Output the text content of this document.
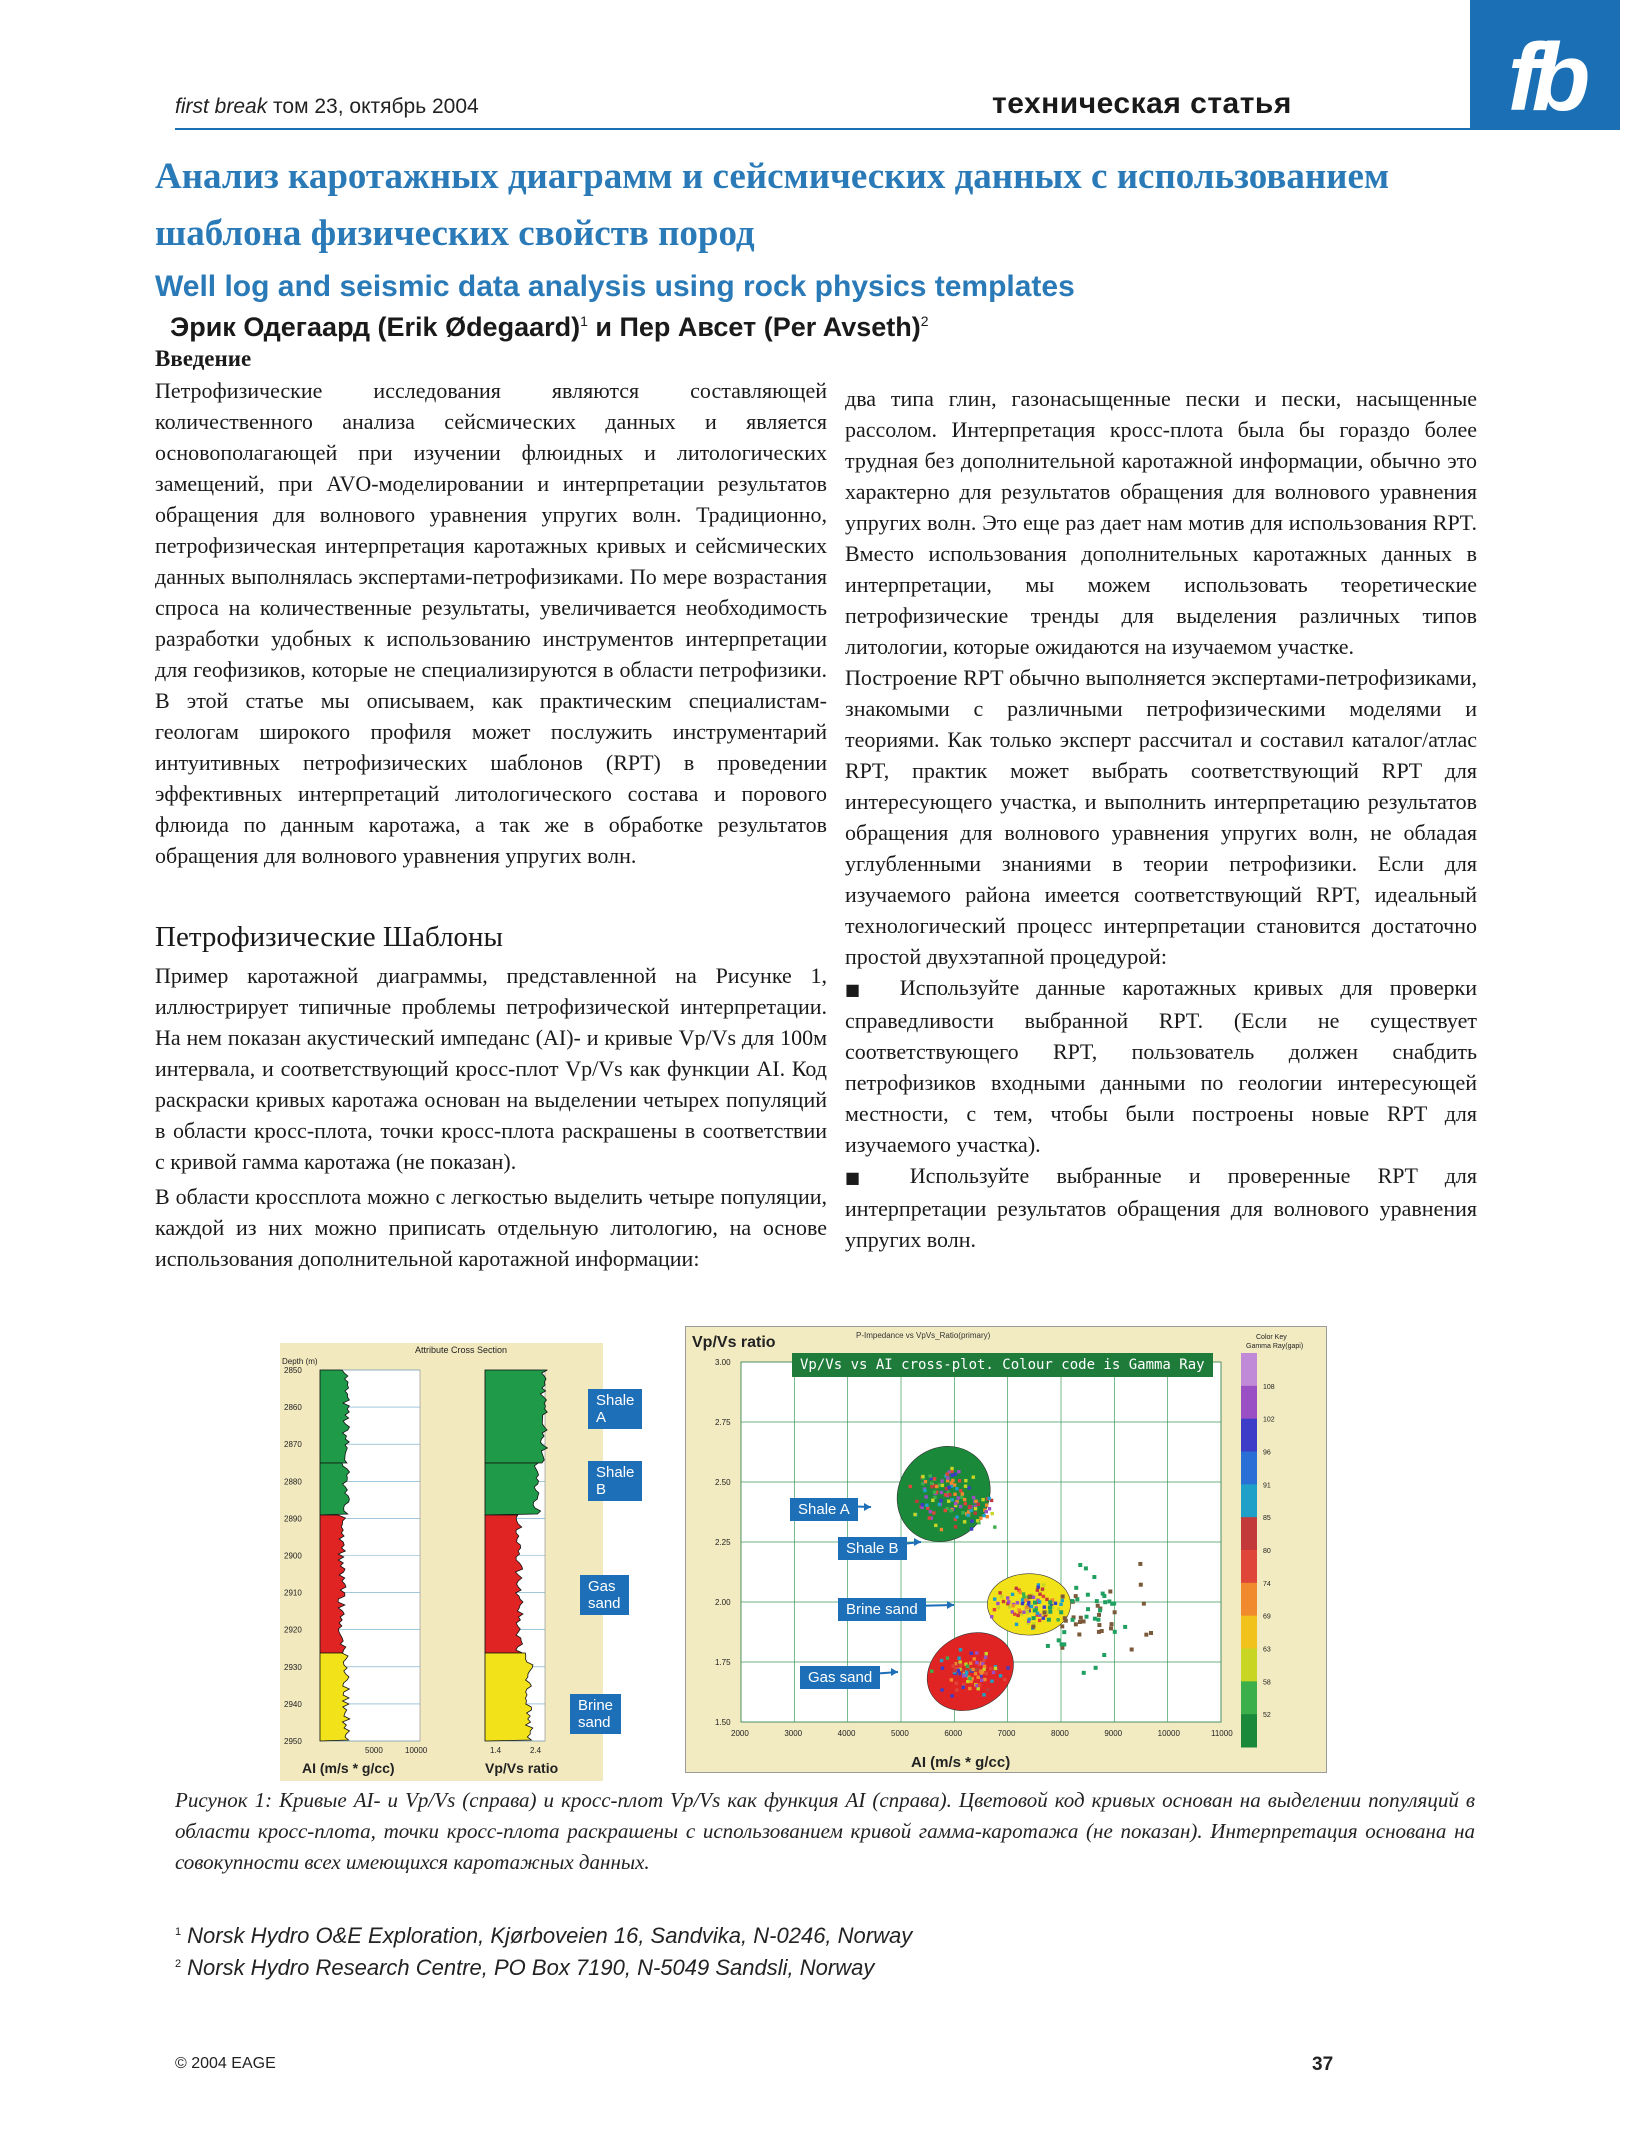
first break том 23, октябрь 2004	техническая статья fb
Анализ каротажных диаграмм и сейсмических данных с использованием шаблона физических свойств пород
Well log and seismic data analysis using rock physics templates
Эрик Одегаард (Erik Ødegaard)$^1$ и Пер Авсет (Per Avseth)$^2$
Введение

Петрофизические исследования являются составляющей количественного анализа сейсмических данных и является основополагающей при изучении флюидных и литологических замещений, при AVO-моделировании и интерпретации результатов обращения для волнового уравнения упругих волн. Традиционно, петрофизическая интерпретация каротажных кривых и сейсмических данных выполнялась экспертами-петрофизиками. По мере возрастания спроса на количественные результаты, увеличивается необходимость разработки удобных к использованию инструментов интерпретации для геофизиков, которые не специализируются в области петрофизики. В этой статье мы описываем, как практическим специалистам-геологам широкого профиля может послужить инструментарий интуитивных петрофизических шаблонов (RPT) в проведении эффективных интерпретаций литологического состава и порового флюида по данным каротажа, а так же в обработке результатов обращения для волнового уравнения упругих волн.

Петрофизические Шаблоны

Пример каротажной диаграммы, представленной на Рисунке 1, иллюстрирует типичные проблемы петрофизической интерпретации. На нем показан акустический импеданс (AI)- и кривые Vp/Vs для 100м интервала, и соответствующий кросс-плот Vp/Vs как функции AI. Код раскраски кривых каротажа основан на выделении четырех популяций в области кросс-плота, точки кросс-плота раскрашены в соответствии с кривой гамма каротажа (не показан).

В области кроссплота можно с легкостью выделить четыре популяции, каждой из них можно приписать отдельную литологию, на основе использования дополнительной каротажной информации:

два типа глин, газонасыщенные пески и пески, насыщенные рассолом. Интерпретация кросс-плота была бы гораздо более трудная без дополнительной каротажной информации, обычно это характерно для результатов обращения для волнового уравнения упругих волн. Это еще раз дает нам мотив для использования RPT. Вместо использования дополнительных каротажных данных в интерпретации, мы можем использовать теоретические петрофизические тренды для выделения различных типов литологии, которые ожидаются на изучаемом участке.

Построение RPT обычно выполняется экспертами-петрофизиками, знакомыми с различными петрофизическими моделями и теориями. Как только эксперт рассчитал и составил каталог/атлас RPT, практик может выбрать соответствующий RPT для интересующего участка, и выполнить интерпретацию результатов обращения для волнового уравнения упругих волн, не обладая углубленными знаниями в теории петрофизики. Если для изучаемого района имеется соответствующий RPT, идеальный технологический процесс интерпретации становится достаточно простой двухэтапной процедурой:

■ Используйте данные каротажных кривых для проверки справедливости выбранной RPT. (Если не существует соответствующего RPT, пользователь должен снабдить петрофизиков входными данными по геологии интересующей местности, с тем, чтобы были построены новые RPT для изучаемого участка).

■ Используйте выбранные и проверенные RPT для интерпретации результатов обращения для волнового уравнения упругих волн.

Attribute Cross Section
Depth (m)
2850
2860
2870
2880
2890
2900
2910
2920
2930
2940
2950
5000	10000	1.4	2.4
AI (m/s * g/cc)	Vp/Vs ratio
Shale A
Shale B
Gas sand
Brine sand
Vp/Vs ratio	P-Impedance vs VpVs_Ratio(primary)
2000	3000	4000	5000	6000	7000	8000	9000	10000	11000
1.50
1.75
2.00
2.25
2.50
2.75
3.00
AI (m/s * g/cc)
Color Key
Gamma Ray(gapi)
108
102
96
91
85
80
74
69
63
58
52
Vp/Vs vs AI cross-plot. Colour code is Gamma Ray
Shale A
Shale B
Brine sand
Gas sand
Рисунок 1: Кривые AI- и Vp/Vs (справа) и кросс-плот Vp/Vs как функция AI (справа). Цветовой код кривых основан на выделении популяций в области кросс-плота, точки кросс-плота раскрашены с использованием кривой гамма-каротажа (не показан). Интерпретация основана на совокупности всех имеющихся каротажных данных.
$^1$ Norsk Hydro O&E Exploration, Kjørboveien 16, Sandvika, N-0246, Norway
$^2$ Norsk Hydro Research Centre, PO Box 7190, N-5049 Sandsli, Norway
© 2004 EAGE	37
